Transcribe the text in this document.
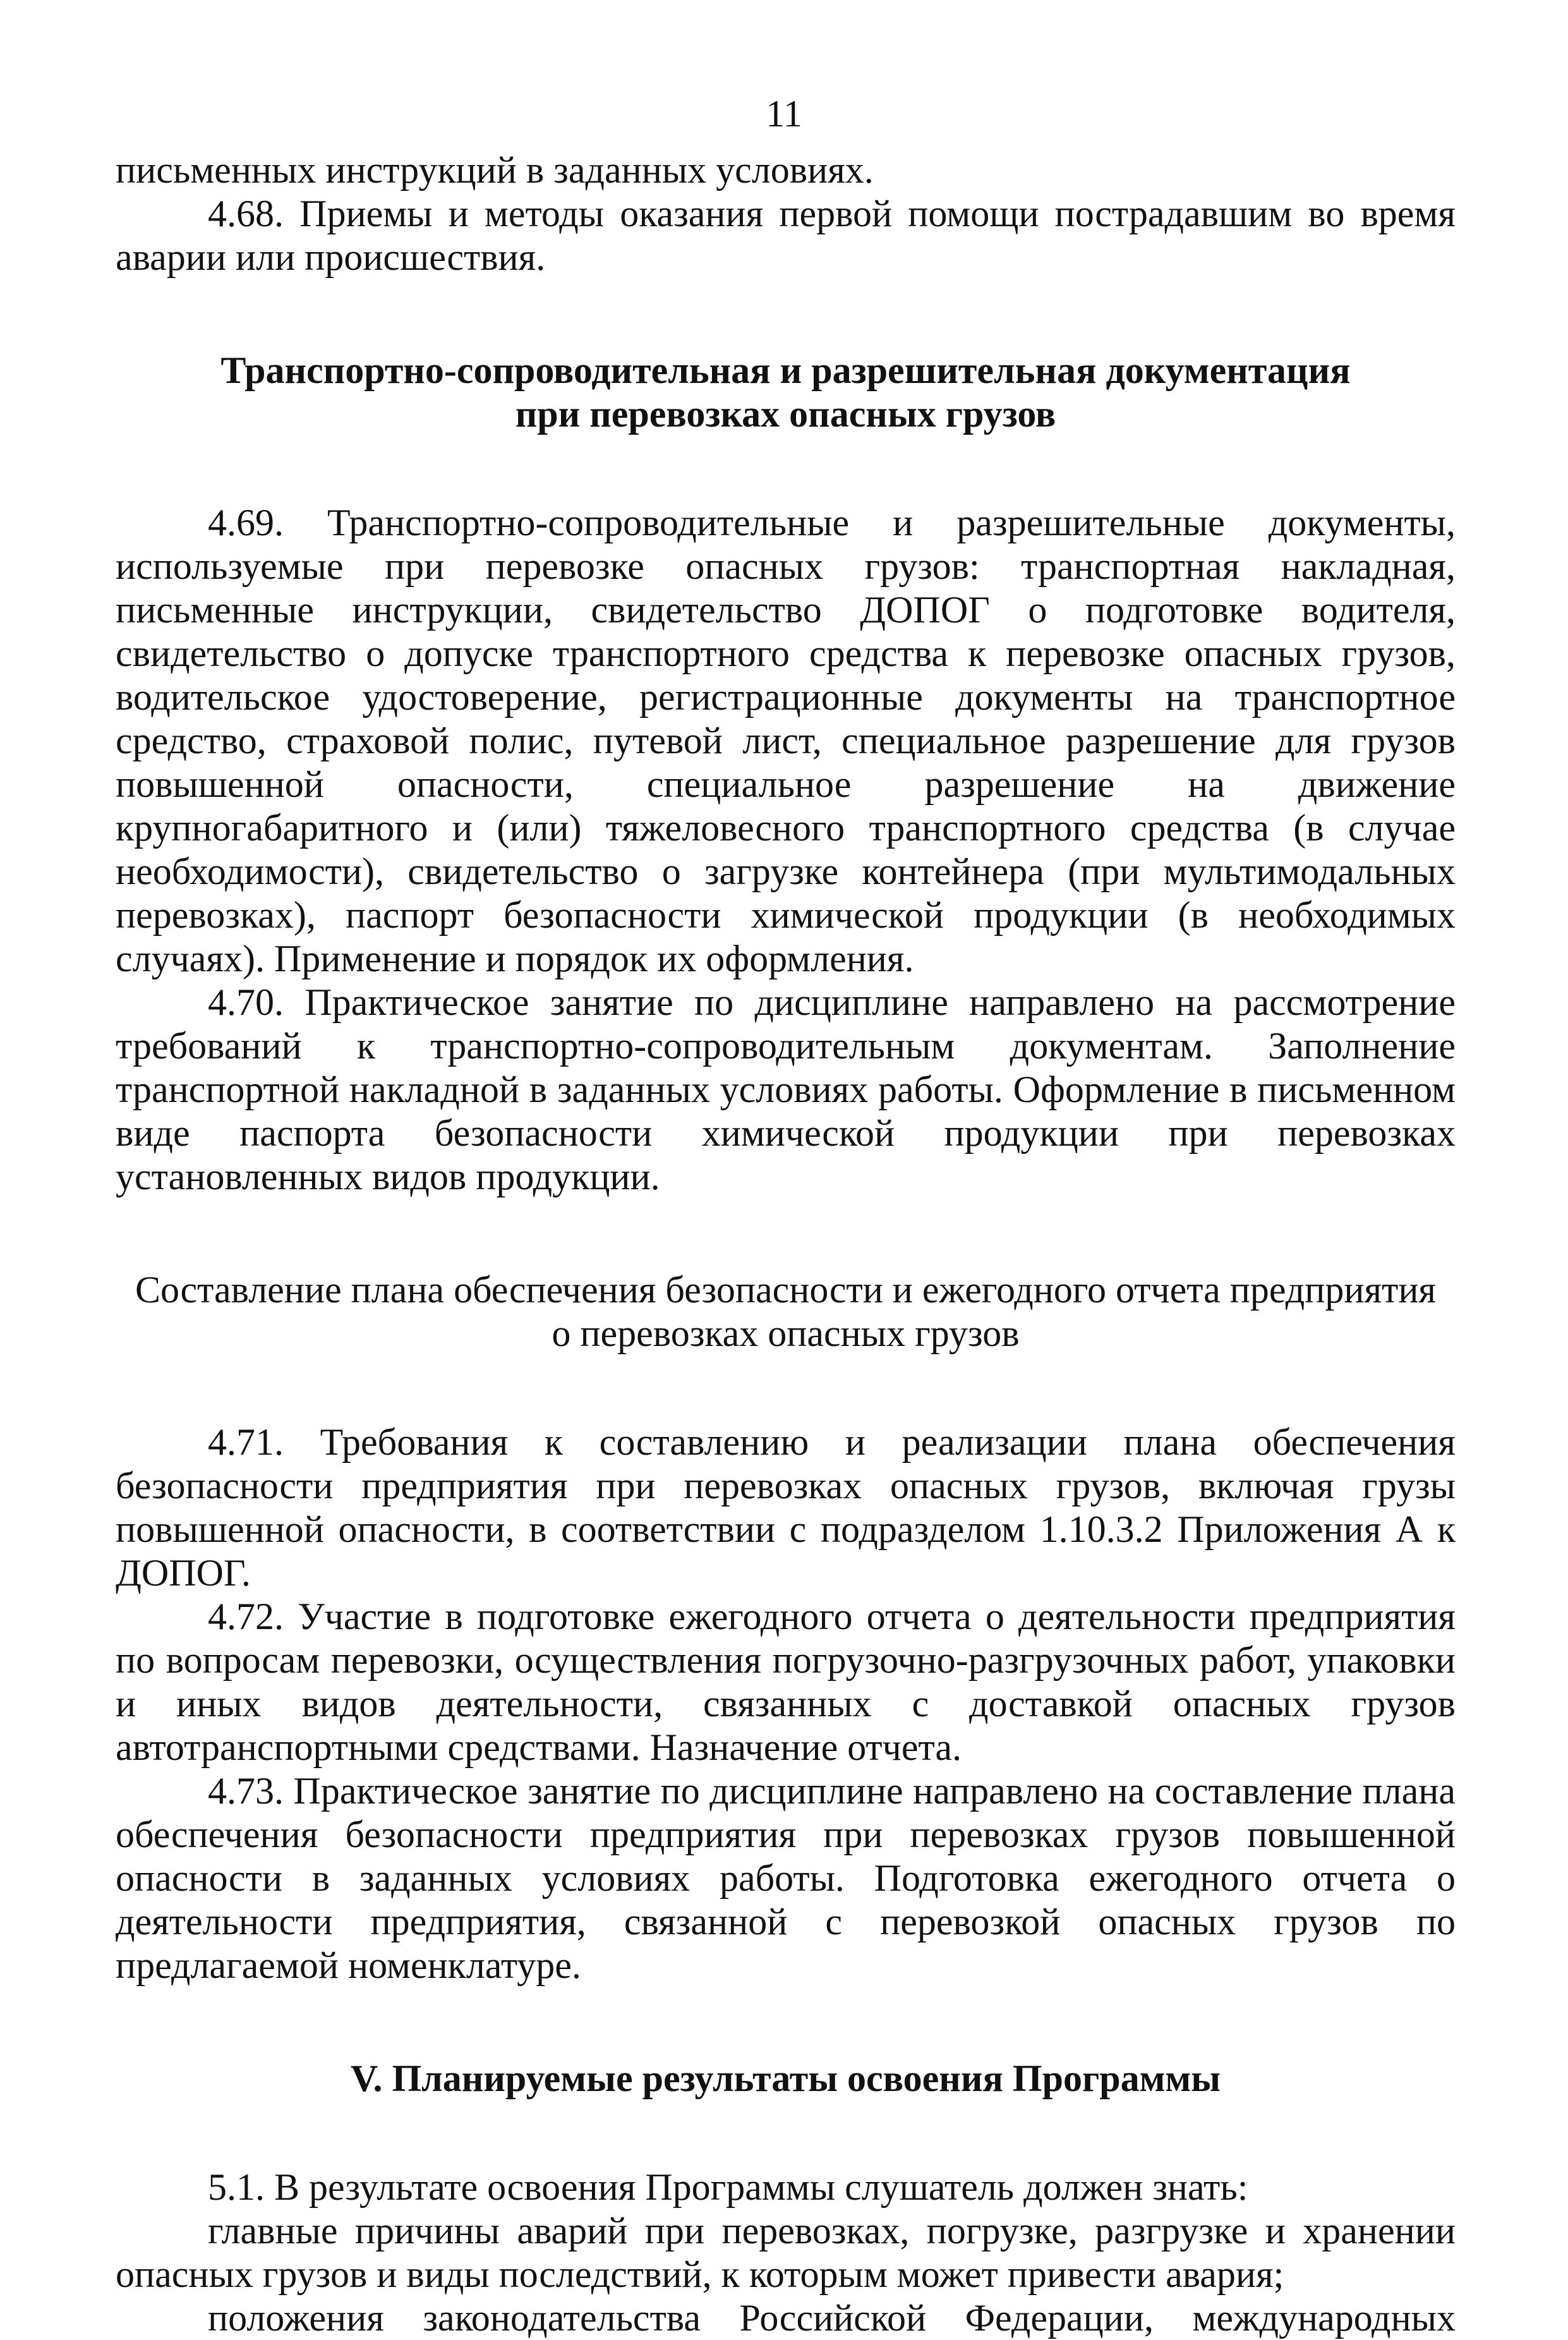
11

письменных инструкций в заданных условиях.

4.68. Приемы и методы оказания первой помощи пострадавшим во время аварии или происшествия.

Транспортно-сопроводительная и разрешительная документация
при перевозках опасных грузов

4.69. Транспортно-сопроводительные и разрешительные документы, используемые при перевозке опасных грузов: транспортная накладная, письменные инструкции, свидетельство ДОПОГ о подготовке водителя, свидетельство о допуске транспортного средства к перевозке опасных грузов, водительское удостоверение, регистрационные документы на транспортное средство, страховой полис, путевой лист, специальное разрешение для грузов повышенной опасности, специальное разрешение на движение крупногабаритного и (или) тяжеловесного транспортного средства (в случае необходимости), свидетельство о загрузке контейнера (при мультимодальных перевозках), паспорт безопасности химической продукции (в необходимых случаях). Применение и порядок их оформления.

4.70. Практическое занятие по дисциплине направлено на рассмотрение требований к транспортно-сопроводительным документам. Заполнение транспортной накладной в заданных условиях работы. Оформление в письменном виде паспорта безопасности химической продукции при перевозках установленных видов продукции.

Составление плана обеспечения безопасности и ежегодного отчета предприятия
о перевозках опасных грузов

4.71. Требования к составлению и реализации плана обеспечения безопасности предприятия при перевозках опасных грузов, включая грузы повышенной опасности, в соответствии с подразделом 1.10.3.2 Приложения А к ДОПОГ.

4.72. Участие в подготовке ежегодного отчета о деятельности предприятия по вопросам перевозки, осуществления погрузочно-разгрузочных работ, упаковки и иных видов деятельности, связанных с доставкой опасных грузов автотранспортными средствами. Назначение отчета.

4.73. Практическое занятие по дисциплине направлено на составление плана обеспечения безопасности предприятия при перевозках грузов повышенной опасности в заданных условиях работы. Подготовка ежегодного отчета о деятельности предприятия, связанной с перевозкой опасных грузов по предлагаемой номенклатуре.

V. Планируемые результаты освоения Программы

5.1. В результате освоения Программы слушатель должен знать:

главные причины аварий при перевозках, погрузке, разгрузке и хранении опасных грузов и виды последствий, к которым может привести авария;

положения законодательства Российской Федерации, международных
